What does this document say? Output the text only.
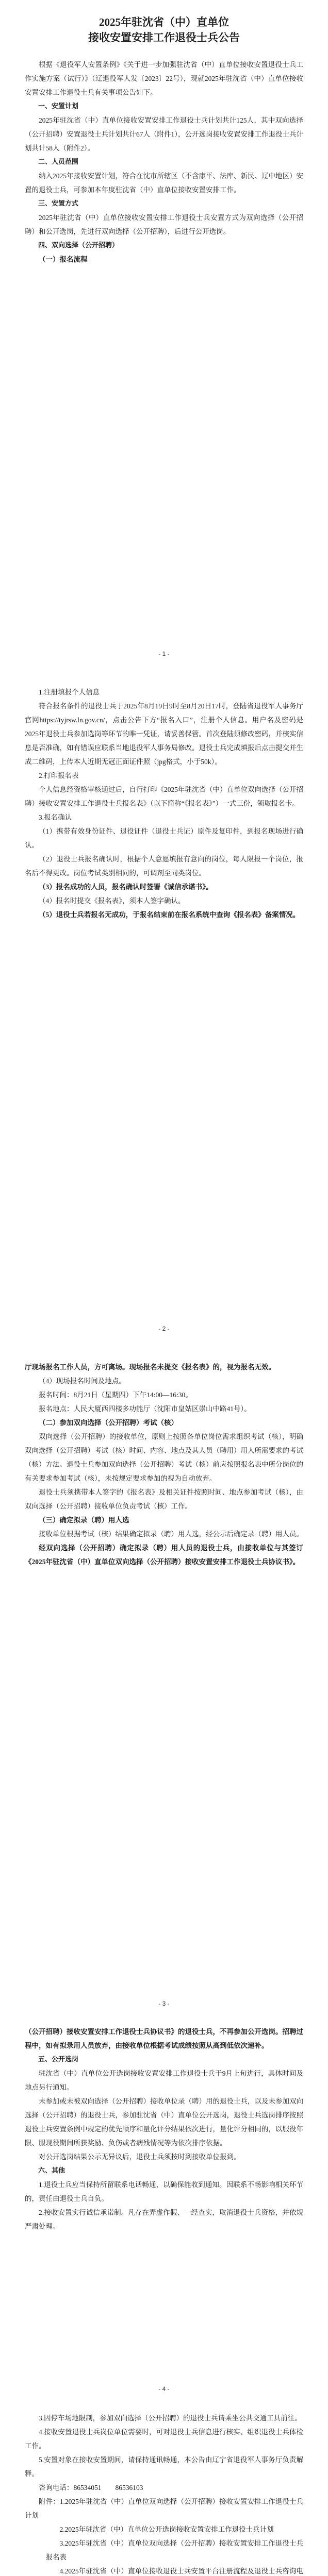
2025年驻沈省（中）直单位
接收安置安排工作退役士兵公告

根据《退役军人安置条例》《关于进一步加强驻沈省（中）直单位接收安置退役士兵工作实施方案（试行）》（辽退役军人发〔2023〕22号），现就2025年驻沈省（中）直单位接收安置安排工作退役士兵有关事项公告如下。

一、安置计划

2025年驻沈省（中）直单位接收安置安排工作退役士兵计划共计125人，其中双向选择（公开招聘）安置退役士兵计划共计67人（附件1），公开选岗接收安置安排工作退役士兵计划共计58人（附件2）。

二、人员范围

纳入2025年接收安置计划，符合在沈市所辖区（不含康平、法库、新民、辽中地区）安置的退役士兵，可参加本年度驻沈省（中）直单位接收安置安排工作。

三、安置方式

2025年驻沈省（中）直单位接收安置安排工作退役士兵安置方式为双向选择（公开招聘）和公开选岗，先进行双向选择（公开招聘），后进行公开选岗。

四、双向选择（公开招聘）

（一）报名流程

- 1 -

1.注册填报个人信息

符合报名条件的退役士兵于2025年8月19日9时至8月20日17时，登陆省退役军人事务厅官网https://tyjrsw.ln.gov.cn/，点击公告下方“报名入口”，注册个人信息。用户名及密码是2025年退役士兵参加选岗等环节的唯一凭证，请妥善保管。首次登陆须修改密码，并核实信息是否准确，如有错误应联系当地退役军人事务局修改。退役士兵完成填报后点击提交并生成二维码，上传本人近期无冠正面证件照（jpg格式，小于50k）。

2.打印报名表

个人信息经资格审核通过后，自行打印《2025年驻沈省（中）直单位双向选择（公开招聘）接收安置安排工作退役士兵报名表》（以下简称“《报名表》”）一式三份，领取报名卡。

3.报名确认

（1）携带有效身份证件、退役证件（退役士兵证）原件及复印件，到报名现场进行确认。

（2）退役士兵报名确认时，根据个人意愿填报有意向的岗位，每人限报一个岗位，报名后不得更改。岗位考试类别相同的，可调剂至同类岗位。

（3）报名成功的人员，报名确认时签署《诚信承诺书》。

（4）报名时提交《报名表》，须本人签字确认。

（5）退役士兵若报名无成功，于报名结束前在报名系统中查询《报名表》备案情况。

- 2 -

厅现场报名工作人员，方可离场。现场报名未提交《报名表》的，视为报名无效。

（4）现场报名时间及地点。

报名时间：8月21日（星期四）下午14:00—16:30。

报名地点：人民大厦西四楼多功能厅（沈阳市皇姑区崇山中路41号）。

（二）参加双向选择（公开招聘）考试（核）

双向选择（公开招聘）的接收单位，原则上按照各单位岗位需求组织考试（核），明确双向选择（公开招聘）考试（核）时间、内容、地点及其人员（聘用）用人所需要求的考试（核）方法。退役士兵参加双向选择（公开招聘）考试（核）前应按照报名表中所分岗位的有关要求参加考试（核），未按规定要求参加的视为自动放弃。

退役士兵须携带本人签字的《报名表》及相关证件按照时间、地点参加考试（核），由双向选择（公开招聘）接收单位负责考试（核）工作。

（三）确定拟录（聘）用人选

接收单位根据考试（核）结果确定拟录（聘）用人选，经公示后确定录（聘）用人员。

经双向选择（公开招聘）确定拟录（聘）用人员的退役士兵，由接收单位与其签订《2025年驻沈省（中）直单位双向选择（公开招聘）接收安置安排工作退役士兵协议书》。

- 3 -

（公开招聘）接收安置安排工作退役士兵协议书》的退役士兵，不再参加公开选岗。招聘过程中，如有拟录用人员放弃，由接收单位根据考试成绩按照从高到低依次递补。

五、公开选岗

驻沈省（中）直单位公开选岗接收安置安排工作退役士兵于9月上旬进行，具体时间及地点另行通知。

未参加或未被双向选择（公开招聘）接收单位录（聘）用的退役士兵，以及未参加双向选择（公开招聘）的退役士兵，参加驻沈省（中）直单位公开选岗，退役士兵选岗排序按照退役士兵安置条例中规定的优先顺序和量化评分结果依次进行，量化评分相同的，以服役年限、服现役期间所获奖励、负伤或者病残情况等为依次排序依据。

对公开选岗结果公示无异议后，退役士兵须按时到接收单位报到。

六、其他

1.退役士兵应当保持所留联系电话畅通，以确保能收到通知。因联系不畅影响相关环节的，责任由退役士兵自负。

2.接收安置实行诚信承诺制。凡存在弄虚作假、一经查实，取消退役士兵资格，并依规严肃处理。

- 4 -

3.因停车场地限制，参加双向选择（公开招聘）的退役士兵请乘坐公共交通工具前往。

4.接收安置退役士兵岗位单位需要时，可对退役士兵信息进行核实、组织退役士兵体检工作。

5.安置对象在接收安置期间，请保持通讯畅通，本公告由辽宁省退役军人事务厅负责解释。

咨询电话：86534051　　86536103

附件：1.2025年驻沈省（中）直单位双向选择（公开招聘）接收安置安排工作退役士兵计划

2.2025年驻沈省（中）直单位公开选岗接收安置安排工作退役士兵计划

3.2025年驻沈省（中）直单位双向选择（公开招聘）接收安置安排工作退役士兵报名表

4.2025年驻沈省（中）直单位接收退役士兵安置平台注册流程及退役士兵咨询电
